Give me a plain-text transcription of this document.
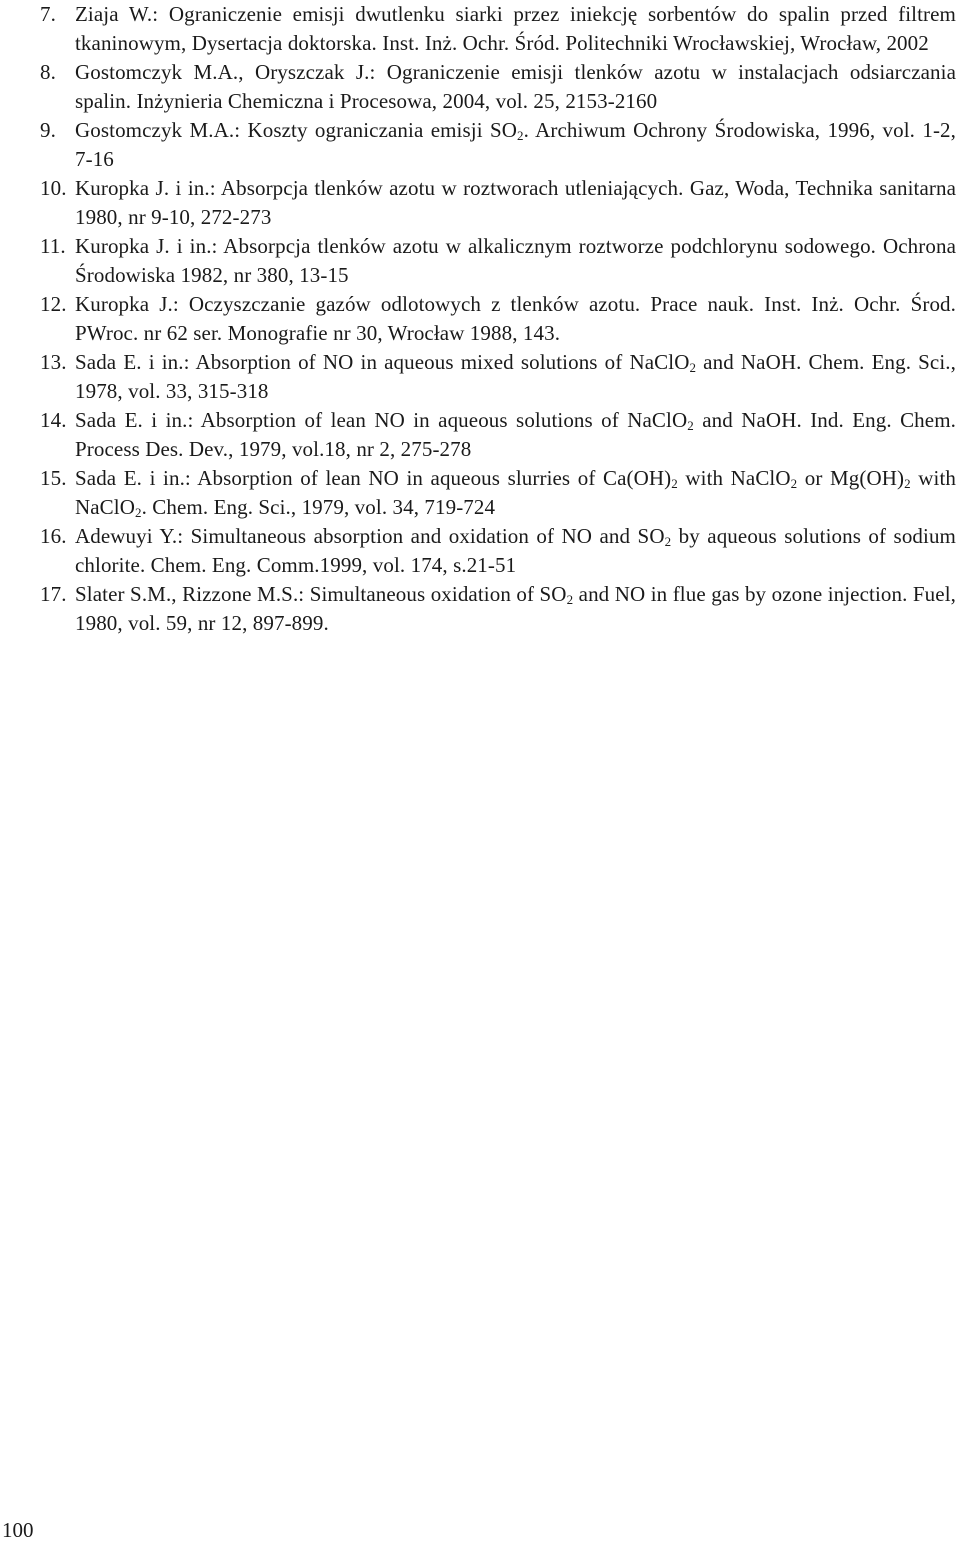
7. Ziaja W.: Ograniczenie emisji dwutlenku siarki przez iniekcję sorbentów do spalin przed filtrem tkaninowym, Dysertacja doktorska. Inst. Inż. Ochr. Śród. Politechniki Wrocławskiej, Wrocław, 2002
8. Gostomczyk M.A., Oryszczak J.: Ograniczenie emisji tlenków azotu w instalacjach odsiarczania spalin. Inżynieria Chemiczna i Procesowa, 2004, vol. 25, 2153-2160
9. Gostomczyk M.A.: Koszty ograniczania emisji $SO_2$. Archiwum Ochrony Środowiska, 1996, vol. 1-2, 7-16
10. Kuropka J. i in.: Absorpcja tlenków azotu w roztworach utleniających. Gaz, Woda, Technika sanitarna 1980, nr 9-10, 272-273
11. Kuropka J. i in.: Absorpcja tlenków azotu w alkalicznym roztworze podchlorynu sodowego. Ochrona Środowiska 1982, nr 380, 13-15
12. Kuropka J.: Oczyszczanie gazów odlotowych z tlenków azotu. Prace nauk. Inst. Inż. Ochr. Środ. PWroc. nr 62 ser. Monografie nr 30, Wrocław 1988, 143.
13. Sada E. i in.: Absorption of NO in aqueous mixed solutions of NaClO$_2$ and NaOH. Chem. Eng. Sci., 1978, vol. 33, 315-318
14. Sada E. i in.: Absorption of lean NO in aqueous solutions of NaClO$_2$ and NaOH. Ind. Eng. Chem. Process Des. Dev., 1979, vol.18, nr 2, 275-278
15. Sada E. i in.: Absorption of lean NO in aqueous slurries of $Ca(OH)_2$ with NaClO$_2$ or $Mg(OH)_2$ with NaClO$_2$. Chem. Eng. Sci., 1979, vol. 34, 719-724
16. Adewuyi Y.: Simultaneous absorption and oxidation of NO and $SO_2$ by aqueous solutions of sodium chlorite. Chem. Eng. Comm.1999, vol. 174, s.21-51
17. Slater S.M., Rizzone M.S.: Simultaneous oxidation of $SO_2$ and NO in flue gas by ozone injection. Fuel, 1980, vol. 59, nr 12, 897-899.
100
